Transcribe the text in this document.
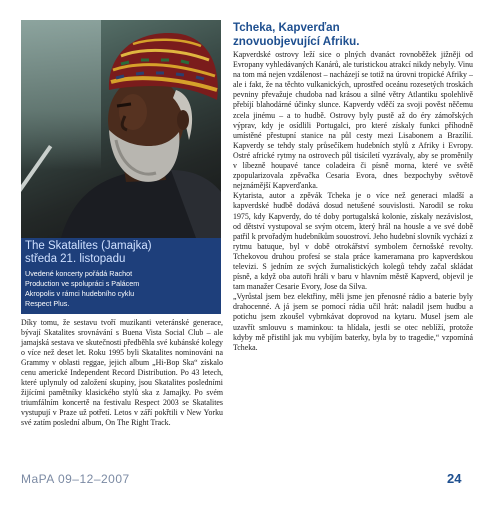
The Skatalites (Jamajka)
středa 21. listopadu
Uvedené koncerty pořádá Rachot
Production ve spolupráci s Palácem
Akropolis v rámci hudebního cyklu
Respect Plus.
Díky tomu, že sestavu tvoří muzikanti veteránské generace, bývají Skatalites srovnávání s Buena Vista Social Club – ale jamajská sestava ve skutečnosti předběhla své kubánské kolegy o více než deset let. Roku 1995 byli Skatalites nominováni na Grammy v oblasti reggae, jejich album „Hi-Bop Ska“ získalo cenu americké Independent Record Distribution. Po 43 letech, které uplynuly od založení skupiny, jsou Skatalites posledními žijícími pamětníky klasického stylů ska z Jamajky. Po svém triumfálním koncertě na festivalu Respect 2003 se Skatalites vystupují v Praze už potřetí. Letos v září pokřtili v New Yorku své zatím poslední album, On The Right Track.
Tcheka, Kapverďan
znovuobjevující Afriku.

Kapverdské ostrovy leží sice o plných dvanáct rovnoběžek jižněji od Evropany vyhledávaných Kanárů, ale turistickou atrakcí nikdy nebyly. Vinu na tom má nejen vzdálenost – nacházejí se totiž na úrovni tropické Afriky – ale i fakt, že na těchto vulkanických, uprostřed oceánu rozesetých troskách pevniny převažuje chudoba nad krásou a silné větry Atlantiku spolehlivě přebíjí blahodárné účinky slunce. Kapverdy vděčí za svoji pověst něčemu zcela jinému – a to hudbě. Ostrovy byly pustě až do éry zámořských výprav, kdy je osídlili Portugalci, pro které získaly funkci příhodně umístěné přestupní stanice na půl cesty mezi Lisabonem a Brazílií. Kapverdy se tehdy staly průsečíkem hudebních stylů z Afriky i Evropy. Ostré africké rytmy na ostrovech půl tisíciletí vyzrávaly, aby se proměnily v líbezně houpavé tance coladeira či písně morna, které ve světě zpopularizovala zpěvačka Cesaria Evora, dnes bezpochyby světově nejznámější Kapverďanka.

Kytarista, autor a zpěvák Tcheka je o více než generaci mladší a kapverdské hudbě dodává dosud netušené souvislosti. Narodil se roku 1975, kdy Kapverdy, do té doby portugalská kolonie, získaly nezávislost, od dětství vystupoval se svým otcem, který hrál na housle a ve své době patřil k prvořadým hudebníkům souostroví. Jeho hudební slovník vychází z rytmu batuque, byl v době otrokářství symbolem černošské revolty. Tchekovou druhou profesí se stala práce kameramana pro kapverdskou televizi. S jedním ze svých žurnalistických kolegů tehdy začal skládat písně, a když oba autoři hráli v baru v hlavním městě Kapverd, objevil je tam manažer Cesarie Evory, Jose da Silva.

„Vyrůstal jsem bez elektřiny, měli jsme jen přenosné rádio a baterie byly drahocenné. A já jsem se pomocí rádia učil hrát: naladil jsem hudbu a potichu jsem zkoušel vybrnkávat doprovod na kytaru. Musel jsem ale uzavřít smlouvu s maminkou: ta hlídala, jestli se otec neblíží, protože kdyby mě přistihl jak mu vybíjím baterky, byla by to tragedie,“ vzpomíná Tcheka.

MaPA 09–12–2007	24
